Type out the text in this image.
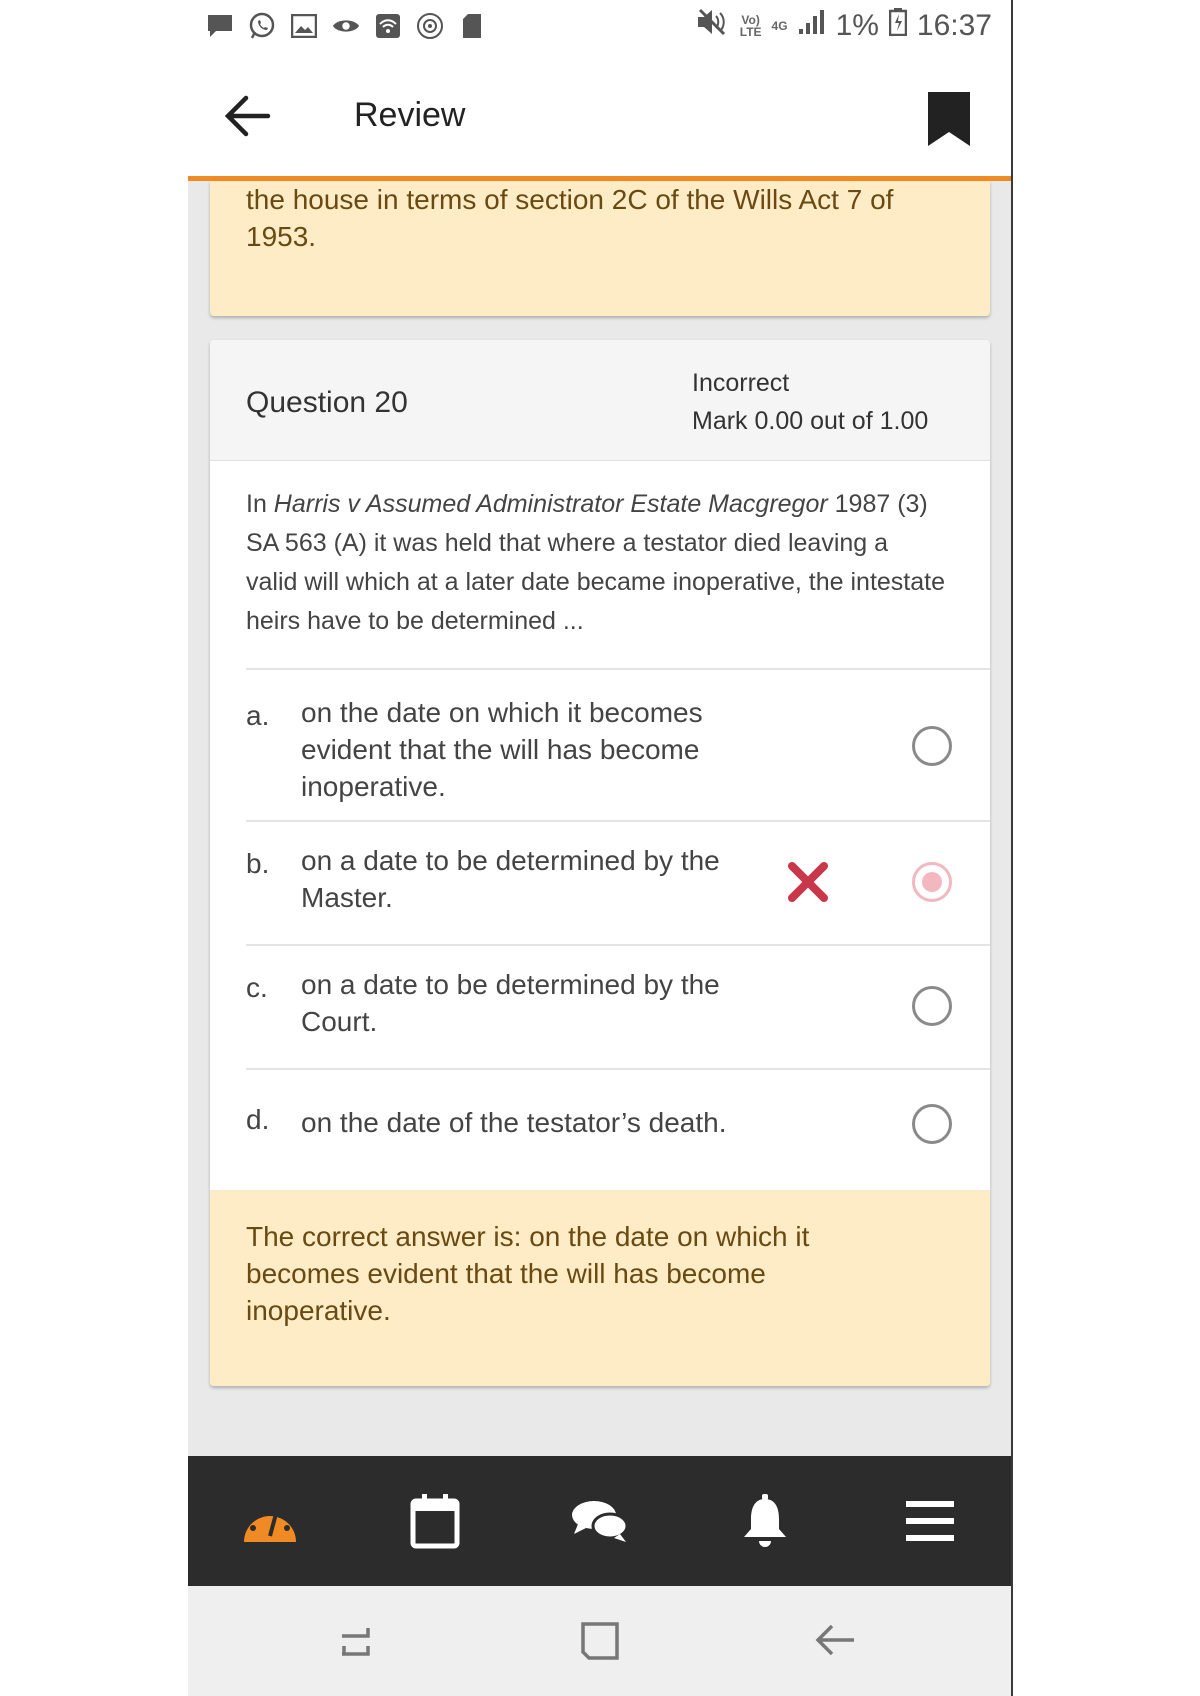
Vo)
LTE 4G 1% 16:37
Review
the house in terms of section 2C of the Wills Act 7 of 1953.
Question 20
Incorrect
Mark 0.00 out of 1.00
In Harris v Assumed Administrator Estate Macgregor 1987 (3) SA 563 (A) it was held that where a testator died leaving a valid will which at a later date became inoperative, the intestate heirs have to be determined ...
a. on the date on which it becomes evident that the will has become inoperative.
b. on a date to be determined by the Master.
c. on a date to be determined by the Court.
d. on the date of the testator’s death.
The correct answer is: on the date on which it becomes evident that the will has become inoperative.
